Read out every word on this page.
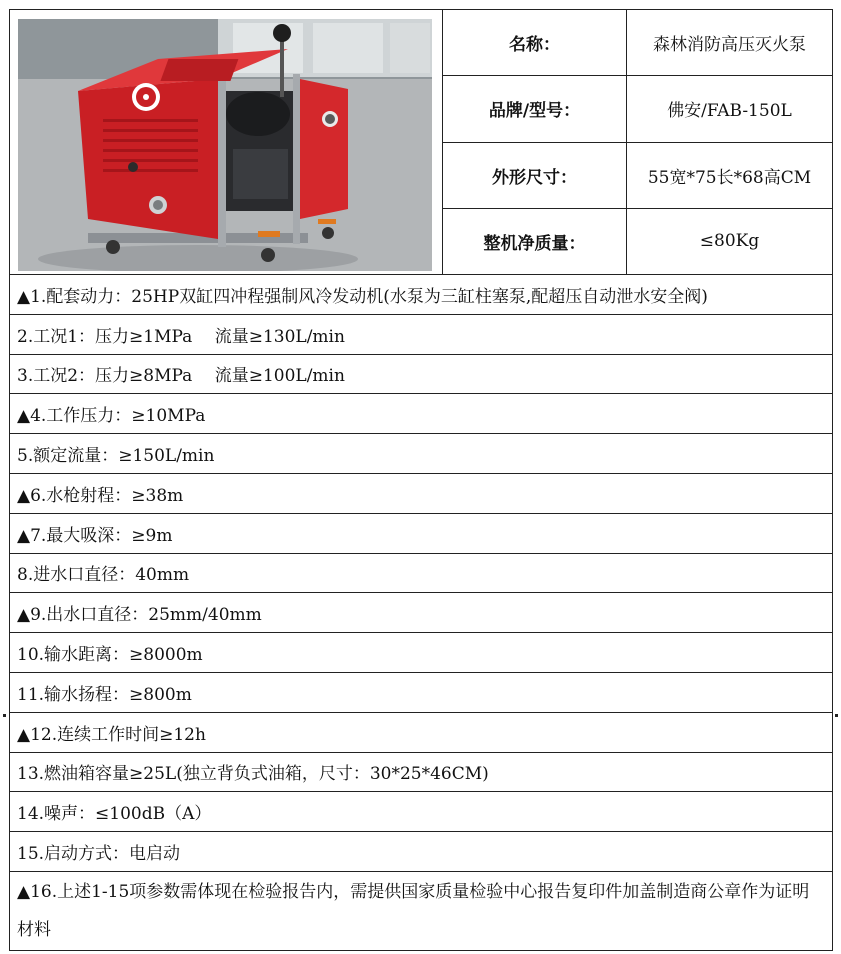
	名称：	森林消防高压灭火泵
	品牌/型号：	佛安/FAB-150L
	外形尺寸：	55宽*75长*68高CM
	整机净质量：	≤80Kg
▲1.配套动力：25HP双缸四冲程强制风冷发动机(水泵为三缸柱塞泵,配超压自动泄水安全阀)		
2.工况1：压力≥1MPa　 流量≥130L/min		
3.工况2：压力≥8MPa　 流量≥100L/min		
▲4.工作压力：≥10MPa		
5.额定流量：≥150L/min		
▲6.水枪射程：≥38m		
▲7.最大吸深：≥9m		
8.进水口直径：40mm		
▲9.出水口直径：25mm/40mm		
10.输水距离：≥8000m		
11.输水扬程：≥800m		
▲12.连续工作时间≥12h		
13.燃油箱容量≥25L(独立背负式油箱，尺寸：30*25*46CM)		
14.噪声：≤100dB（A）		
15.启动方式：电启动		
▲16.上述1-15项参数需体现在检验报告内，需提供国家质量检验中心报告复印件加盖制造商公章作为证明材料		
